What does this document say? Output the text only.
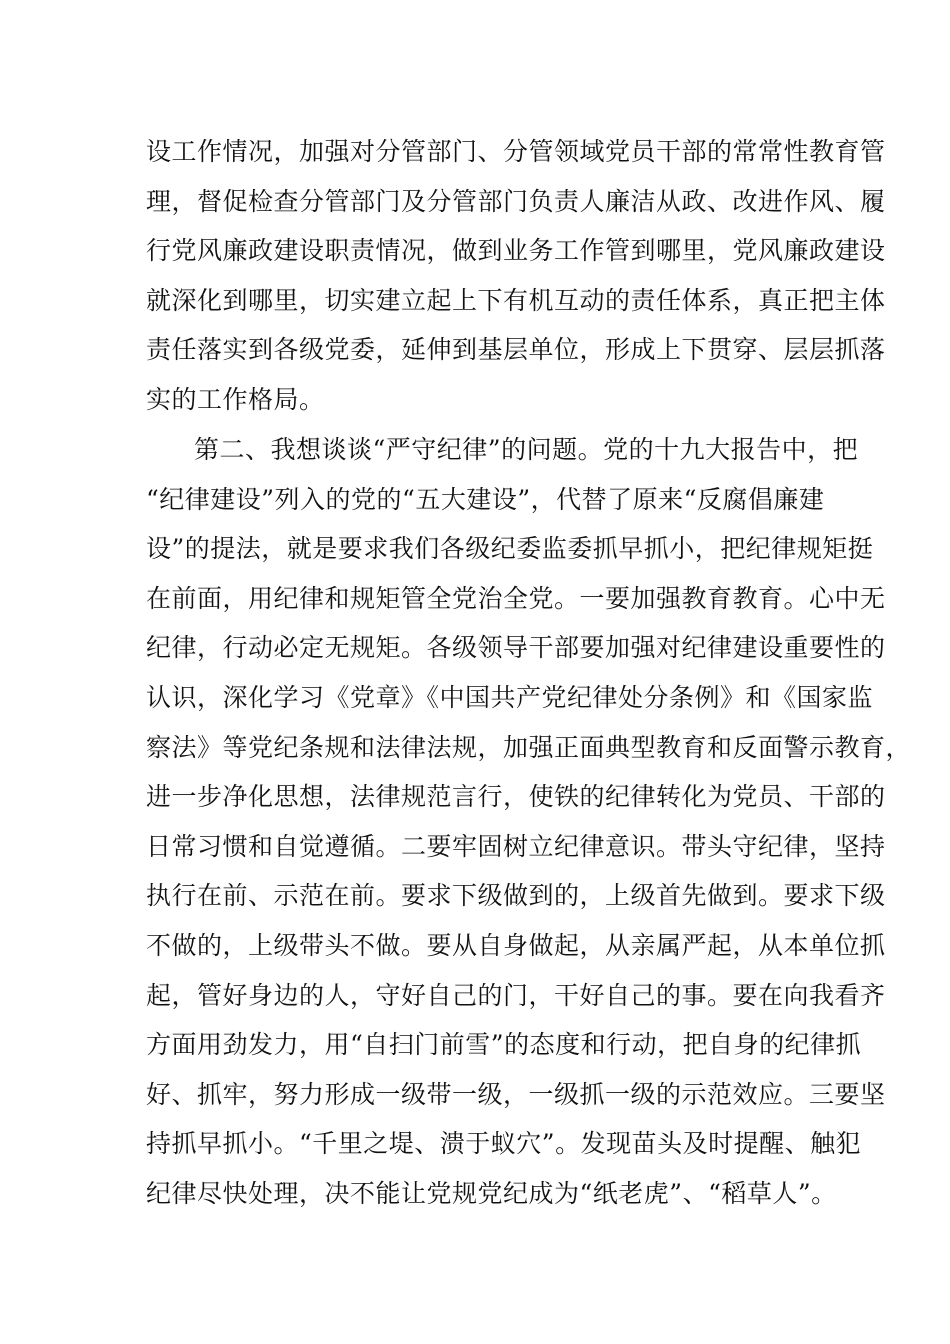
设工作情况，加强对分管部门、分管领域党员干部的常常性教育管
理，督促检查分管部门及分管部门负责人廉洁从政、改进作风、履
行党风廉政建设职责情况，做到业务工作管到哪里，党风廉政建设
就深化到哪里，切实建立起上下有机互动的责任体系，真正把主体
责任落实到各级党委，延伸到基层单位，形成上下贯穿、层层抓落
实的工作格局。
第二、我想谈谈“严守纪律”的问题。党的十九大报告中，把
“纪律建设”列入的党的“五大建设”，代替了原来“反腐倡廉建
设”的提法，就是要求我们各级纪委监委抓早抓小，把纪律规矩挺
在前面，用纪律和规矩管全党治全党。一要加强教育教育。心中无
纪律，行动必定无规矩。各级领导干部要加强对纪律建设重要性的
认识，深化学习《党章》《中国共产党纪律处分条例》和《国家监
察法》等党纪条规和法律法规，加强正面典型教育和反面警示教育，
进一步净化思想，法律规范言行，使铁的纪律转化为党员、干部的
日常习惯和自觉遵循。二要牢固树立纪律意识。带头守纪律，坚持
执行在前、示范在前。要求下级做到的，上级首先做到。要求下级
不做的，上级带头不做。要从自身做起，从亲属严起，从本单位抓
起，管好身边的人，守好自己的门，干好自己的事。要在向我看齐
方面用劲发力，用“自扫门前雪”的态度和行动，把自身的纪律抓
好、抓牢，努力形成一级带一级，一级抓一级的示范效应。三要坚
持抓早抓小。“千里之堤、溃于蚁穴”。发现苗头及时提醒、触犯
纪律尽快处理，决不能让党规党纪成为“纸老虎”、“稻草人”。
